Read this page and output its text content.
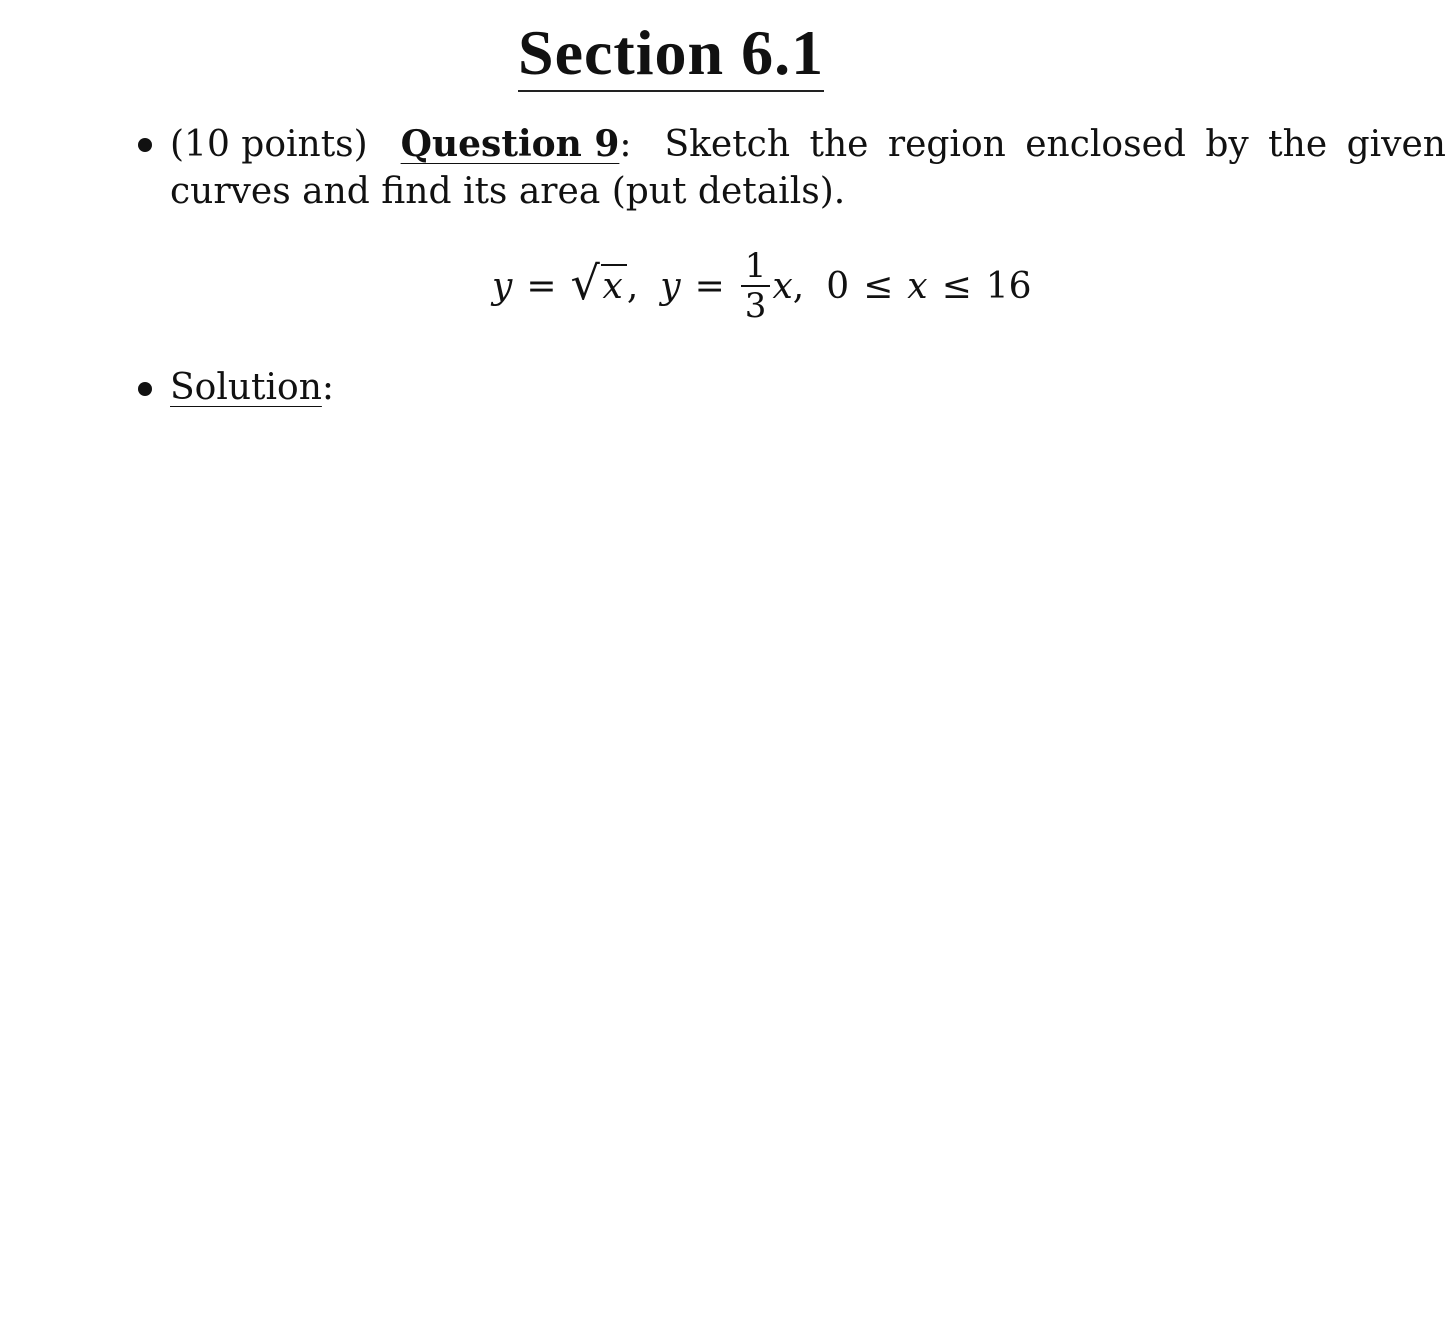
Section 6.1
(10 points) Question 9: Sketch the region enclosed by the given
curves and find its area (put details).
y = √ x , $y = \frac{1}{3}$ x , 0 ≤ x ≤ 16
Solution:
